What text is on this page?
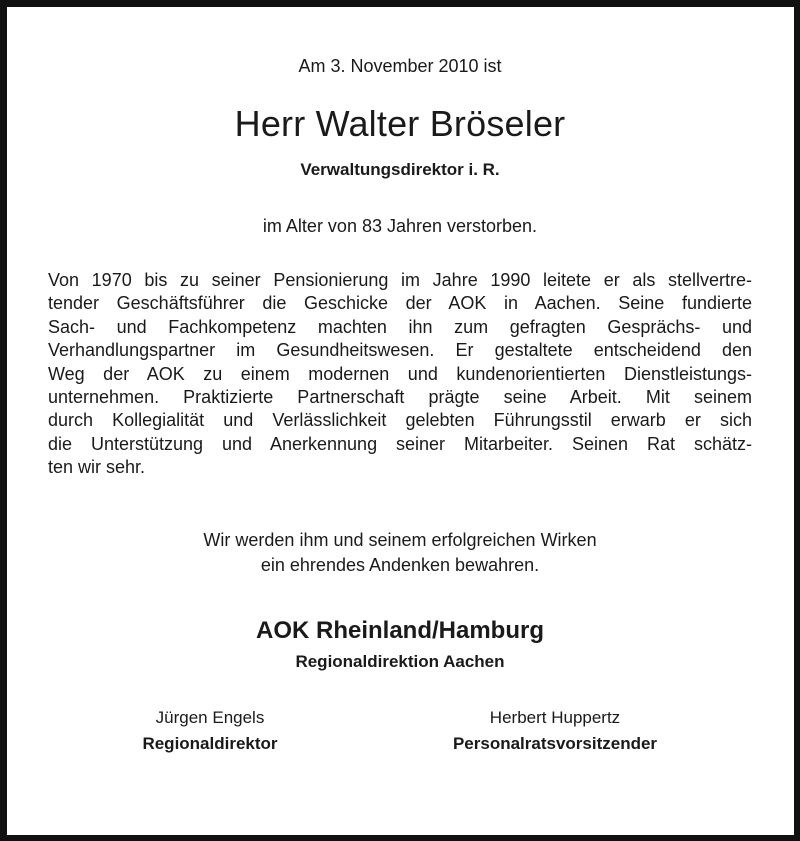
Am 3. November 2010 ist
Herr Walter Bröseler
Verwaltungsdirektor i. R.
im Alter von 83 Jahren verstorben.
Von 1970 bis zu seiner Pensionierung im Jahre 1990 leitete er als stellvertre-
tender Geschäftsführer die Geschicke der AOK in Aachen. Seine fundierte
Sach- und Fachkompetenz machten ihn zum gefragten Gesprächs- und
Verhandlungspartner im Gesundheitswesen. Er gestaltete entscheidend den
Weg der AOK zu einem modernen und kundenorientierten Dienstleistungs-
unternehmen. Praktizierte Partnerschaft prägte seine Arbeit. Mit seinem
durch Kollegialität und Verlässlichkeit gelebten Führungsstil erwarb er sich
die Unterstützung und Anerkennung seiner Mitarbeiter. Seinen Rat schätz-
ten wir sehr.
Wir werden ihm und seinem erfolgreichen Wirken
ein ehrendes Andenken bewahren.
AOK Rheinland/Hamburg
Regionaldirektion Aachen
Jürgen Engels
Regionaldirektor
Herbert Huppertz
Personalratsvorsitzender
